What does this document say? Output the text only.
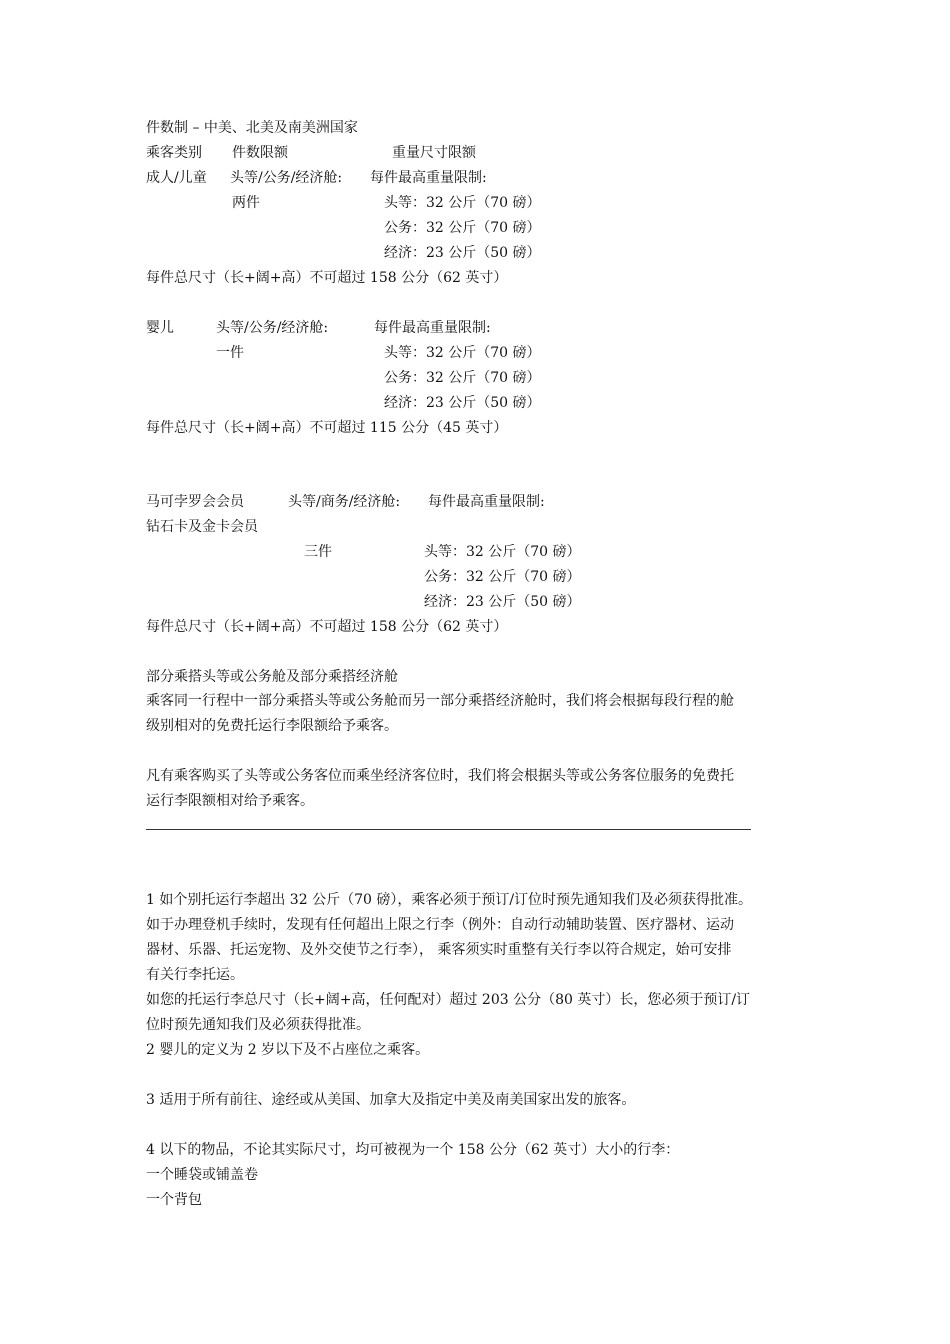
件数制 – 中美、北美及南美洲国家
乘客类别 件数限额	重量尺寸限额
成人/儿童 头等/公务/经济舱: 每件最高重量限制:
两件	头等：32 公斤（70 磅）
公务：32 公斤（70 磅）
经济：23 公斤（50 磅）
每件总尺寸（长+阔+高）不可超过 158 公分（62 英寸）
婴儿	头等/公务/经济舱:	每件最高重量限制:
一件	头等：32 公斤（70 磅）
公务：32 公斤（70 磅）
经济：23 公斤（50 磅）
每件总尺寸（长+阔+高）不可超过 115 公分（45 英寸）
马可孛罗会会员	头等/商务/经济舱: 每件最高重量限制:
钻石卡及金卡会员
三件	头等：32 公斤（70 磅）
公务：32 公斤（70 磅）
经济：23 公斤（50 磅）
每件总尺寸（长+阔+高）不可超过 158 公分（62 英寸）
部分乘搭头等或公务舱及部分乘搭经济舱
乘客同一行程中一部分乘搭头等或公务舱而另一部分乘搭经济舱时，我们将会根据每段行程的舱
级别相对的免费托运行李限额给予乘客。
凡有乘客购买了头等或公务客位而乘坐经济客位时，我们将会根据头等或公务客位服务的免费托
运行李限额相对给予乘客。
1 如个别托运行李超出 32 公斤（70 磅），乘客必须于预订/订位时预先通知我们及必须获得批准。
如于办理登机手续时，发现有任何超出上限之行李（例外：自动行动辅助装置、医疗器材、运动
器材、乐器、托运宠物、及外交使节之行李）， 乘客须实时重整有关行李以符合规定，始可安排
有关行李托运。
如您的托运行李总尺寸（长+阔+高，任何配对）超过 203 公分（80 英寸）长，您必须于预订/订
位时预先通知我们及必须获得批准。
2 婴儿的定义为 2 岁以下及不占座位之乘客。
3 适用于所有前往、途经或从美国、加拿大及指定中美及南美国家出发的旅客。
4 以下的物品，不论其实际尺寸，均可被视为一个 158 公分（62 英寸）大小的行李：
一个睡袋或铺盖卷
一个背包
